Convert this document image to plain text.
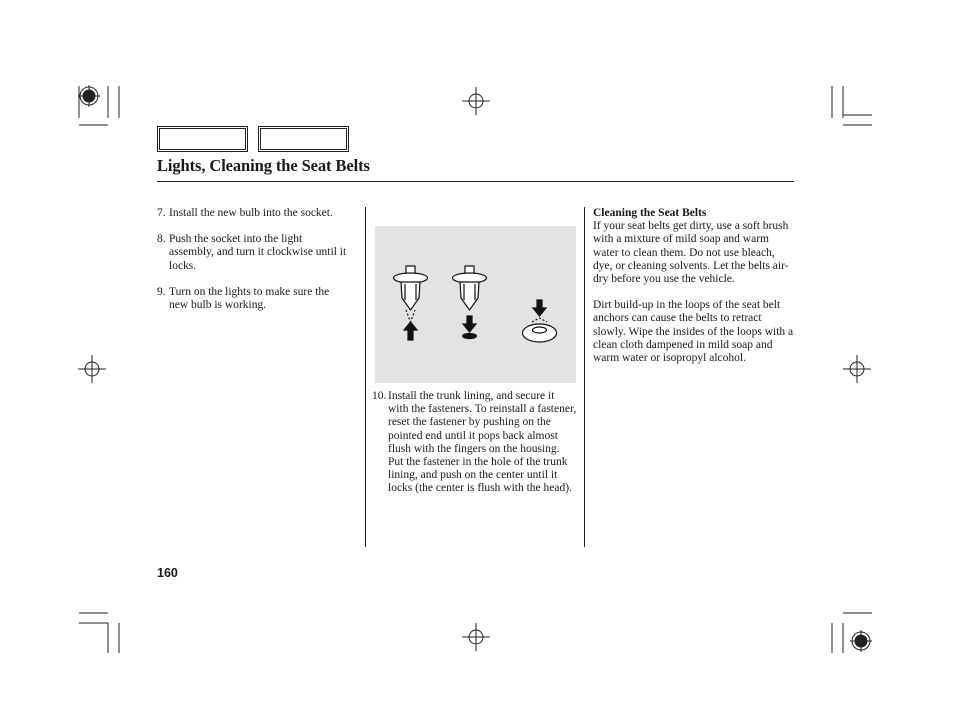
Lights, Cleaning the Seat Belts
7. Install the new bulb into the socket.
8. Push the socket into the light assembly, and turn it clockwise until it locks.
9. Turn on the lights to make sure the new bulb is working.
10. Install the trunk lining, and secure it with the fasteners. To reinstall a fastener, reset the fastener by pushing on the pointed end until it pops back almost flush with the fingers on the housing. Put the fastener in the hole of the trunk lining, and push on the center until it locks (the center is flush with the head).
Cleaning the Seat Belts
If your seat belts get dirty, use a soft brush with a mixture of mild soap and warm water to clean them. Do not use bleach, dye, or cleaning solvents. Let the belts air-dry before you use the vehicle.
Dirt build-up in the loops of the seat belt anchors can cause the belts to retract slowly. Wipe the insides of the loops with a clean cloth dampened in mild soap and warm water or isopropyl alcohol.
160
